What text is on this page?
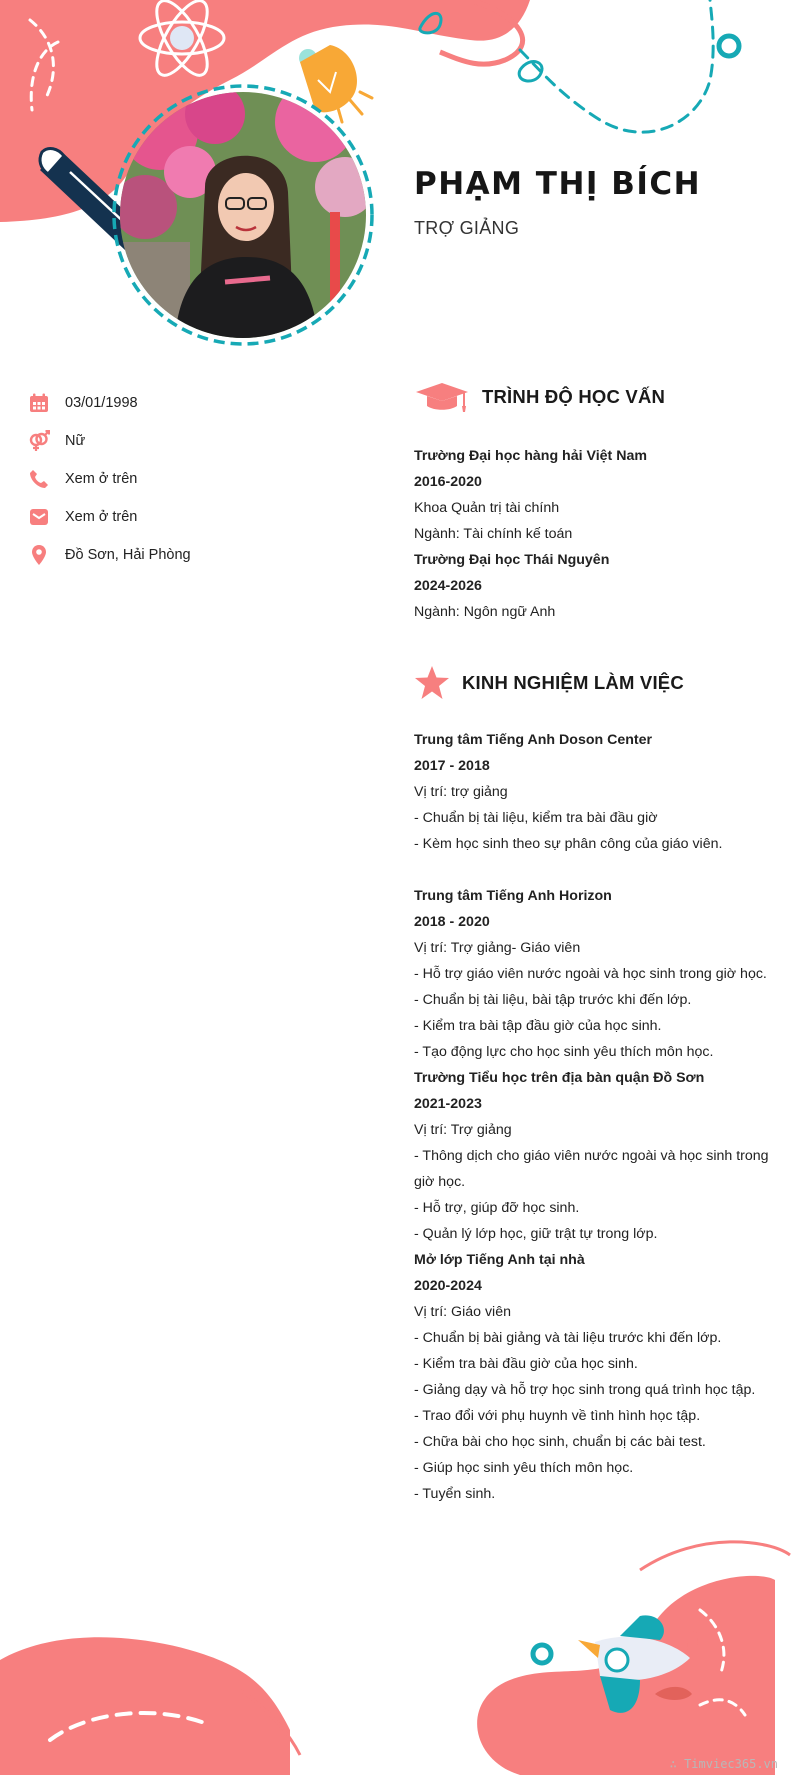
PHẠM THỊ BÍCH

TRỢ GIẢNG

03/01/1998
Nữ
Xem ở trên
Xem ở trên
Đồ Sơn, Hải Phòng
TRÌNH ĐỘ HỌC VẤN
Trường Đại học hàng hải Việt Nam
2016-2020
Khoa Quản trị tài chính
Ngành: Tài chính kế toán
Trường Đại học Thái Nguyên
2024-2026
Ngành: Ngôn ngữ Anh
KINH NGHIỆM LÀM VIỆC
Trung tâm Tiếng Anh Doson Center
2017 - 2018
Vị trí: trợ giảng
- Chuẩn bị tài liệu, kiểm tra bài đầu giờ
- Kèm học sinh theo sự phân công của giáo viên.
Trung tâm Tiếng Anh Horizon
2018 - 2020
Vị trí: Trợ giảng- Giáo viên
- Hỗ trợ giáo viên nước ngoài và học sinh trong giờ học.
- Chuẩn bị tài liệu, bài tập trước khi đến lớp.
- Kiểm tra bài tập đầu giờ của học sinh.
- Tạo động lực cho học sinh yêu thích môn học.
Trường Tiểu học trên địa bàn quận Đồ Sơn
2021-2023
Vị trí: Trợ giảng
- Thông dịch cho giáo viên nước ngoài và học sinh trong giờ học.
- Hỗ trợ, giúp đỡ học sinh.
- Quản lý lớp học, giữ trật tự trong lớp.
Mở lớp Tiếng Anh tại nhà
2020-2024
Vị trí: Giáo viên
- Chuẩn bị bài giảng và tài liệu trước khi đến lớp.
- Kiểm tra bài đầu giờ của học sinh.
- Giảng dạy và hỗ trợ học sinh trong quá trình học tập.
- Trao đổi với phụ huynh về tình hình học tập.
- Chữa bài cho học sinh, chuẩn bị các bài test.
- Giúp học sinh yêu thích môn học.
- Tuyển sinh.
∴ Timviec365.vn
